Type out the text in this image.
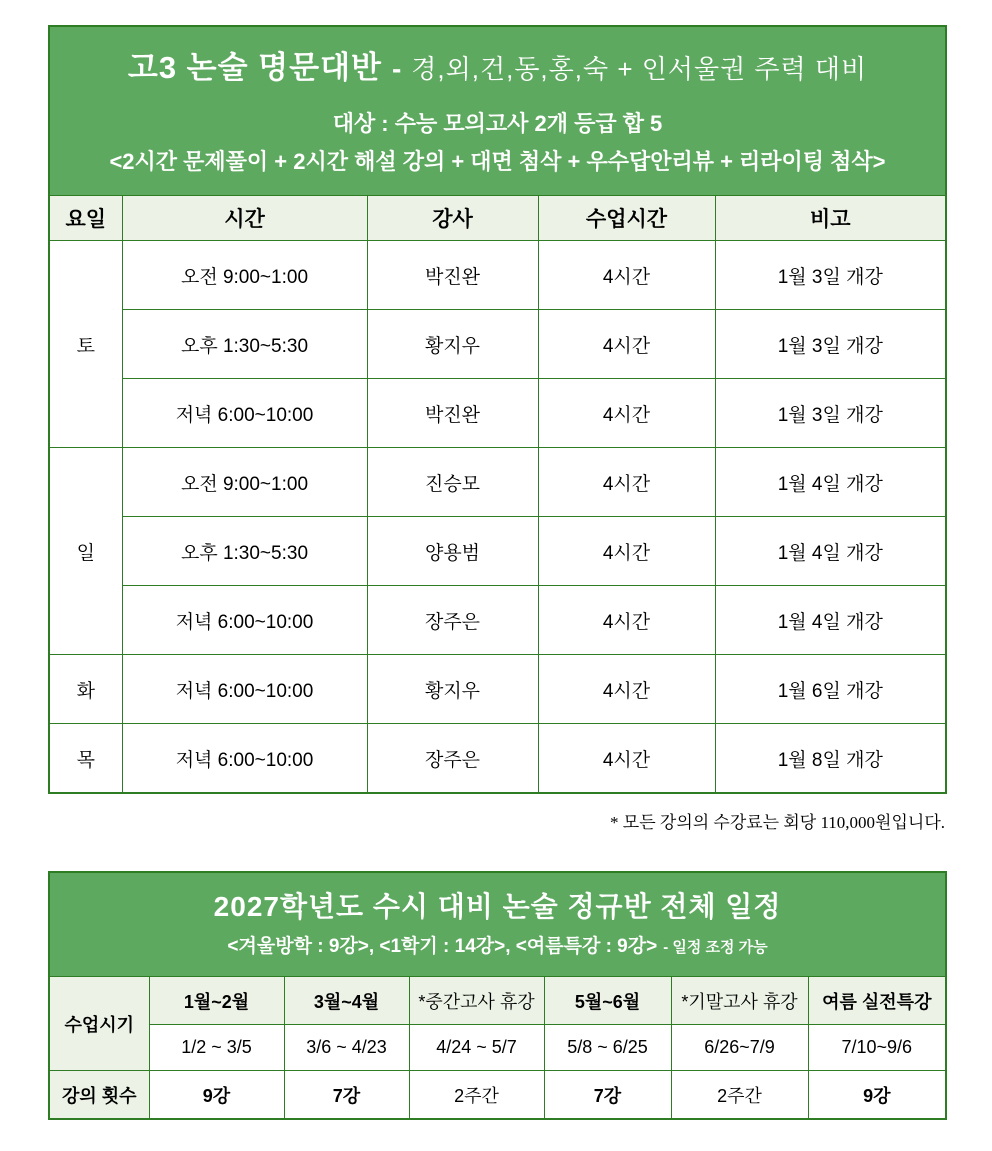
고3 논술 명문대반 - 경,외,건,동,홍,숙 + 인서울권 주력 대비
대상 : 수능 모의고사 2개 등급 합 5
<2시간 문제풀이 + 2시간 해설 강의 + 대면 첨삭 + 우수답안리뷰 + 리라이팅 첨삭>				

요일	시간	강사	수업시간	비고
토	오전 9:00~1:00	박진완	4시간	1월 3일 개강
	오후 1:30~5:30	황지우	4시간	1월 3일 개강
	저녁 6:00~10:00	박진완	4시간	1월 3일 개강
일	오전 9:00~1:00	진승모	4시간	1월 4일 개강
	오후 1:30~5:30	양용범	4시간	1월 4일 개강
	저녁 6:00~10:00	장주은	4시간	1월 4일 개강
화	저녁 6:00~10:00	황지우	4시간	1월 6일 개강
목	저녁 6:00~10:00	장주은	4시간	1월 8일 개강
* 모든 강의의 수강료는 회당 110,000원입니다.
2027학년도 수시 대비 논술 정규반 전체 일정
<겨울방학 : 9강>, <1학기 : 14강>, <여름특강 : 9강> - 일정 조정 가능						

수업시기	1월~2월	3월~4월	*중간고사 휴강	5월~6월	*기말고사 휴강	여름 실전특강
	1/2 ~ 3/5	3/6 ~ 4/23	4/24 ~ 5/7	5/8 ~ 6/25	6/26~7/9	7/10~9/6
강의 횟수	9강	7강	2주간	7강	2주간	9강
